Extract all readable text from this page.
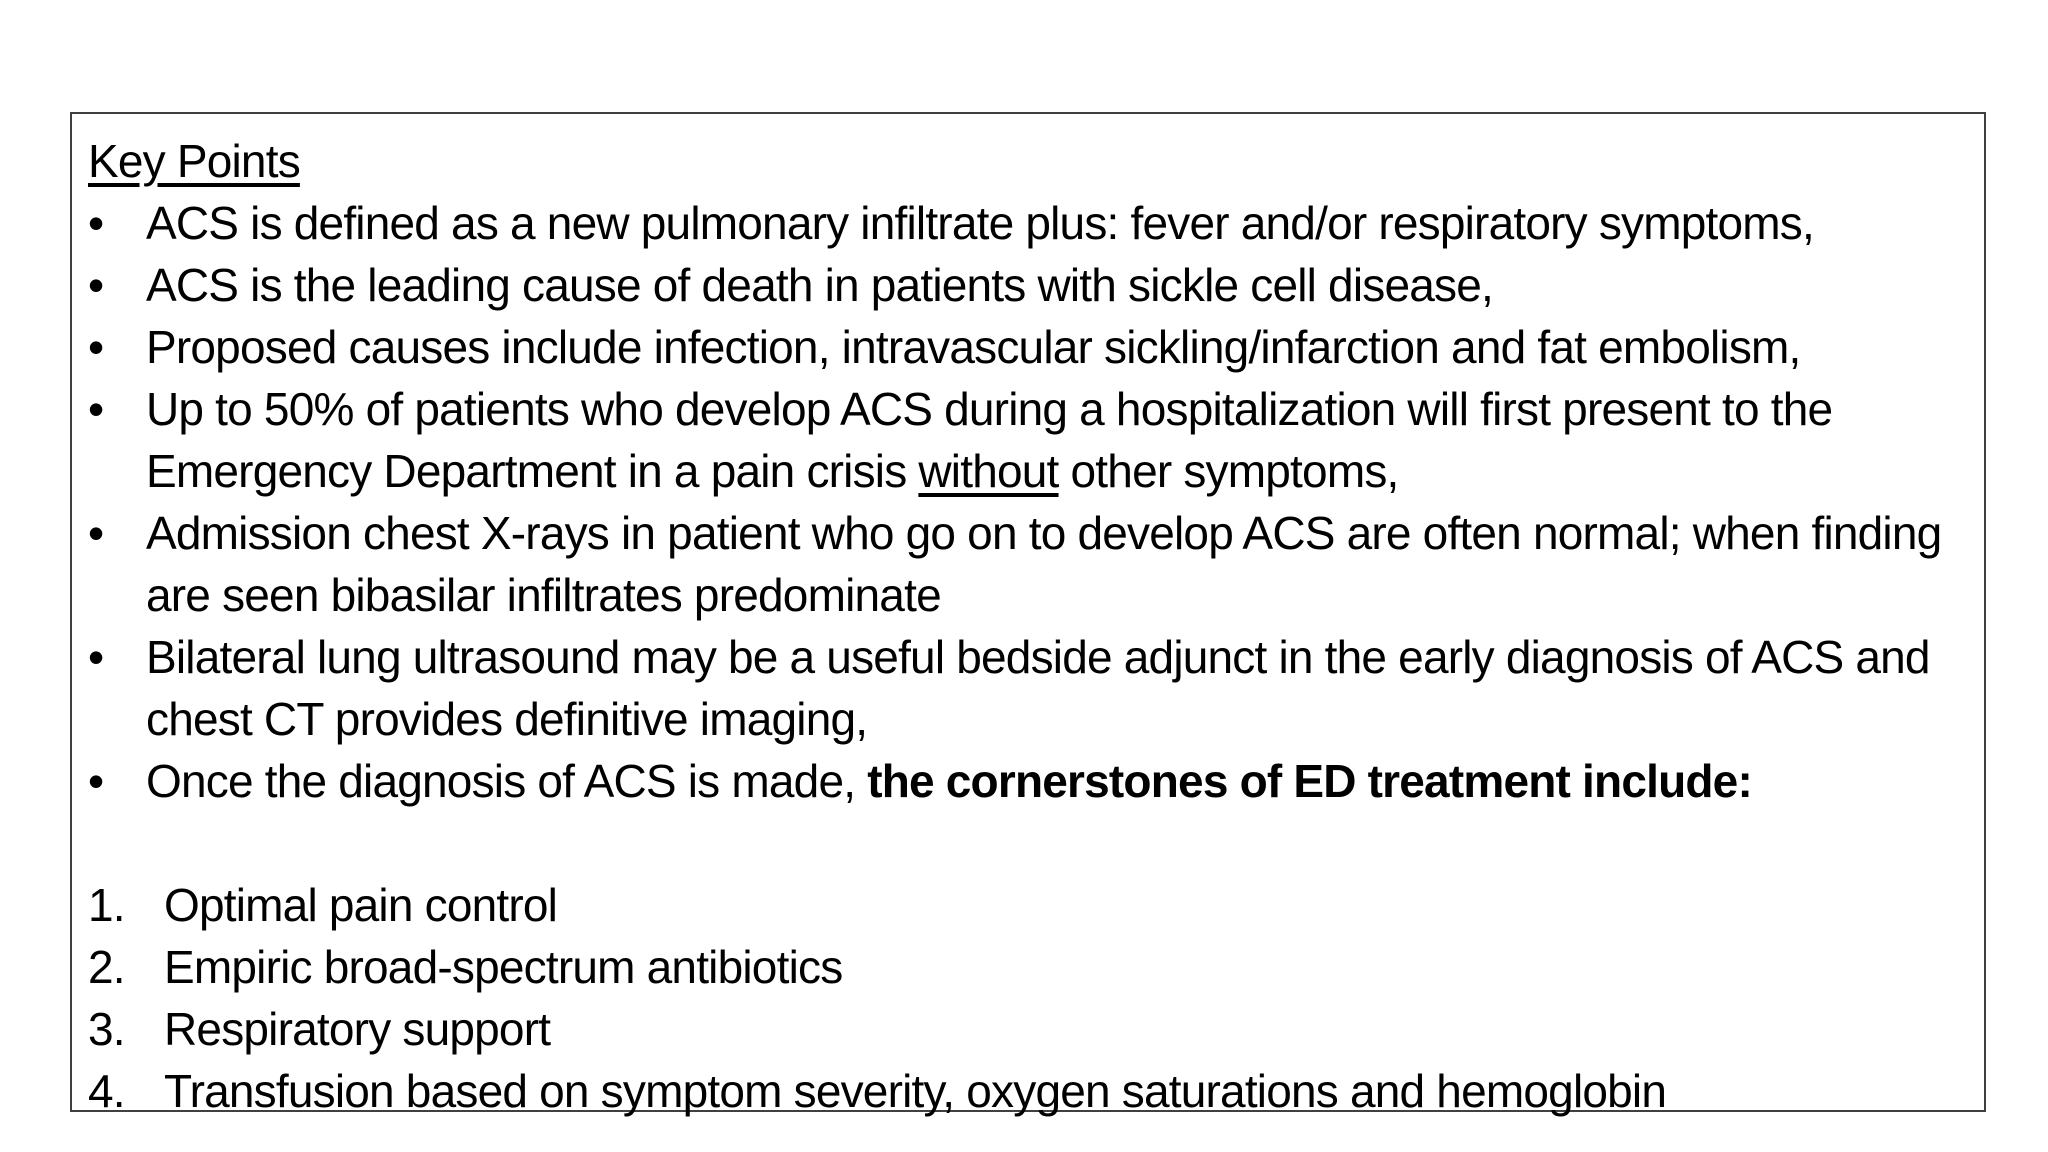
Key Points

• ACS is defined as a new pulmonary infiltrate plus: fever and/or respiratory symptoms,
• ACS is the leading cause of death in patients with sickle cell disease,
• Proposed causes include infection, intravascular sickling/infarction and fat embolism,
• Up to 50% of patients who develop ACS during a hospitalization will first present to the Emergency Department in a pain crisis without other symptoms,
• Admission chest X-rays in patient who go on to develop ACS are often normal; when finding are seen bibasilar infiltrates predominate
• Bilateral lung ultrasound may be a useful bedside adjunct in the early diagnosis of ACS and chest CT provides definitive imaging,
• Once the diagnosis of ACS is made, the cornerstones of ED treatment include:
1. Optimal pain control
2. Empiric broad-spectrum antibiotics
3. Respiratory support
4. Transfusion based on symptom severity, oxygen saturations and hemoglobin
